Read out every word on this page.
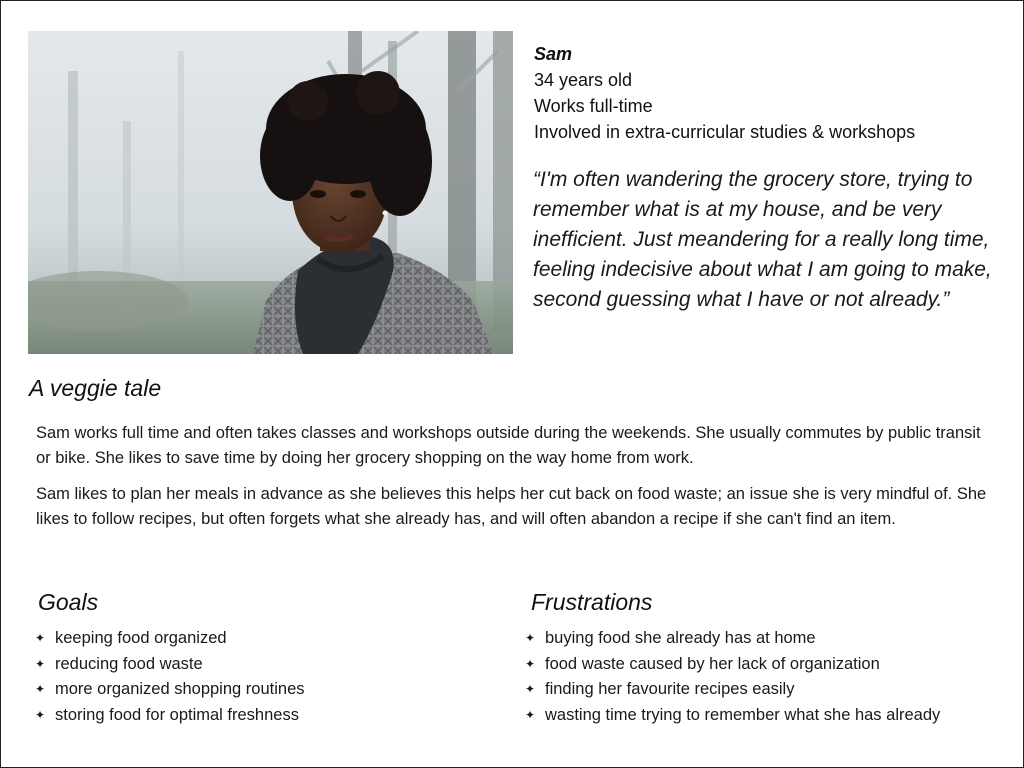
Sam
34 years old
Works full-time
Involved in extra-curricular studies & workshops
“I'm often wandering the grocery store, trying to remember what is at my house, and be very inefficient. Just meandering for a really long time, feeling indecisive about what I am going to make, second guessing what I have or not already.”
A veggie tale
Sam works full time and often takes classes and workshops outside during the weekends. She usually commutes by public transit or bike. She likes to save time by doing her grocery shopping on the way home from work.
Sam likes to plan her meals in advance as she believes this helps her cut back on food waste; an issue she is very mindful of. She likes to follow recipes, but often forgets what she already has, and will often abandon a recipe if she can't find an item.
Goals
✦ keeping food organized
✦ reducing food waste
✦ more organized shopping routines
✦ storing food for optimal freshness
Frustrations
✦ buying food she already has at home
✦ food waste caused by her lack of organization
✦ finding her favourite recipes easily
✦ wasting time trying to remember what she has already
